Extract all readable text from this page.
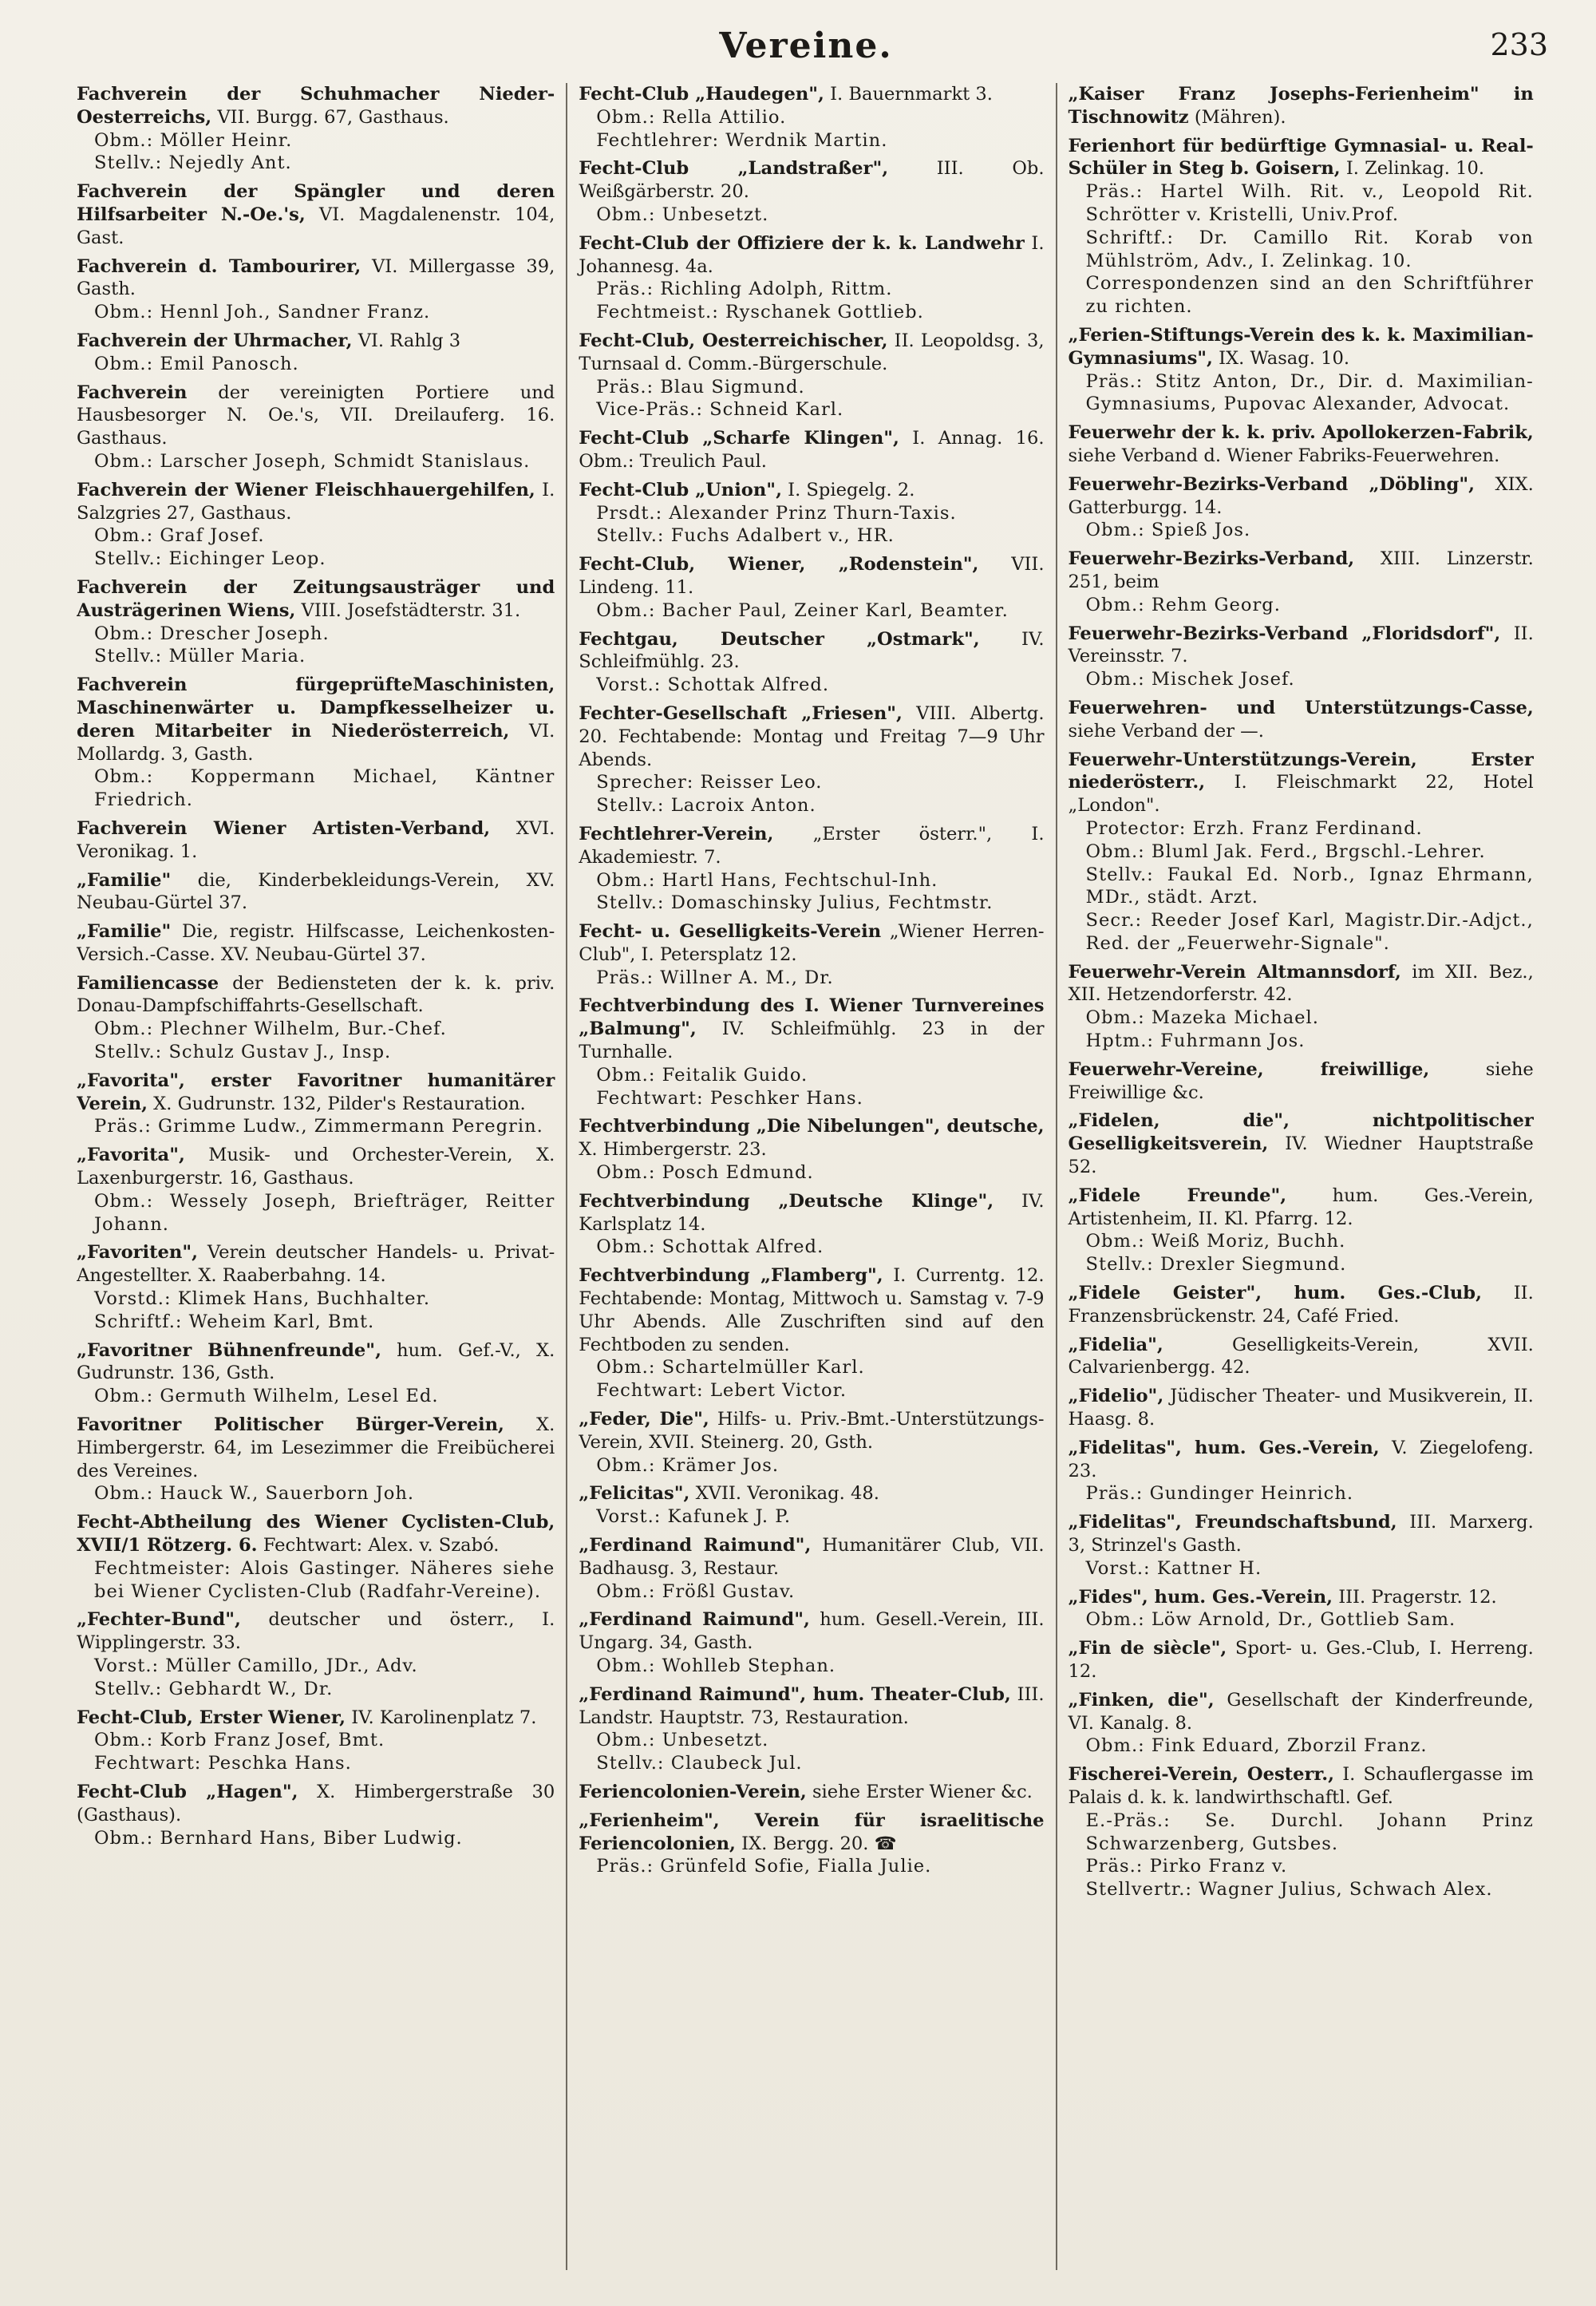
Vereine.	233
Fachverein der Schuhmacher Nieder-Oesterreichs, VII. Burgg. 67, Gasthaus.
Obm.: Möller Heinr.
Stellv.: Nejedly Ant.
Fachverein der Spängler und deren Hilfsarbeiter N.-Oe.'s, VI. Magdalenenstr. 104, Gast.
Fachverein d. Tambourirer, VI. Millergasse 39, Gasth.
Obm.: Hennl Joh., Sandner Franz.
Fachverein der Uhrmacher, VI. Rahlg 3
Obm.: Emil Panosch.
Fachverein der vereinigten Portiere und Hausbesorger N. Oe.'s, VII. Dreilauferg. 16. Gasthaus.
Obm.: Larscher Joseph, Schmidt Stanislaus.
Fachverein der Wiener Fleischhauergehilfen, I. Salzgries 27, Gasthaus.
Obm.: Graf Josef.
Stellv.: Eichinger Leop.
Fachverein der Zeitungsausträger und Austrägerinen Wiens, VIII. Josefstädterstr. 31.
Obm.: Drescher Joseph.
Stellv.: Müller Maria.
Fachverein fürgeprüfteMaschinisten, Maschinenwärter u. Dampfkesselheizer u. deren Mitarbeiter in Niederösterreich, VI. Mollardg. 3, Gasth.
Obm.: Koppermann Michael, Käntner Friedrich.
Fachverein Wiener Artisten-Verband, XVI. Veronikag. 1.
„Familie" die, Kinderbekleidungs-Verein, XV. Neubau-Gürtel 37.
„Familie" Die, registr. Hilfscasse, Leichenkosten-Versich.-Casse. XV. Neubau-Gürtel 37.
Familiencasse der Bediensteten der k. k. priv. Donau-Dampfschiffahrts-Gesellschaft.
Obm.: Plechner Wilhelm, Bur.-Chef.
Stellv.: Schulz Gustav J., Insp.
„Favorita", erster Favoritner humanitärer Verein, X. Gudrunstr. 132, Pilder's Restauration.
Präs.: Grimme Ludw., Zimmermann Peregrin.
„Favorita", Musik- und Orchester-Verein, X. Laxenburgerstr. 16, Gasthaus.
Obm.: Wessely Joseph, Briefträger, Reitter Johann.
„Favoriten", Verein deutscher Handels- u. Privat-Angestellter. X. Raaberbahng. 14.
Vorstd.: Klimek Hans, Buchhalter.
Schriftf.: Weheim Karl, Bmt.
„Favoritner Bühnenfreunde", hum. Gef.-V., X. Gudrunstr. 136, Gsth.
Obm.: Germuth Wilhelm, Lesel Ed.
Favoritner Politischer Bürger-Verein, X. Himbergerstr. 64, im Lesezimmer die Freibücherei des Vereines.
Obm.: Hauck W., Sauerborn Joh.
Fecht-Abtheilung des Wiener Cyclisten-Club, XVII/1 Rötzerg. 6. Fechtwart: Alex. v. Szabó.
Fechtmeister: Alois Gastinger. Näheres siehe bei Wiener Cyclisten-Club (Radfahr-Vereine).
„Fechter-Bund", deutscher und österr., I. Wipplingerstr. 33.
Vorst.: Müller Camillo, JDr., Adv.
Stellv.: Gebhardt W., Dr.
Fecht-Club, Erster Wiener, IV. Karolinenplatz 7.
Obm.: Korb Franz Josef, Bmt.
Fechtwart: Peschka Hans.
Fecht-Club „Hagen", X. Himbergerstraße 30 (Gasthaus).
Obm.: Bernhard Hans, Biber Ludwig.
Fecht-Club „Haudegen", I. Bauernmarkt 3.
Obm.: Rella Attilio.
Fechtlehrer: Werdnik Martin.
Fecht-Club „Landstraßer",	III. Ob. Weißgärberstr. 20.
Obm.: Unbesetzt.
Fecht-Club der Offiziere der k. k. Landwehr I. Johannesg. 4a.
Präs.: Richling Adolph, Rittm.
Fechtmeist.: Ryschanek Gottlieb.
Fecht-Club, Oesterreichischer, II. Leopoldsg. 3, Turnsaal d. Comm.-Bürgerschule.
Präs.: Blau Sigmund.
Vice-Präs.: Schneid Karl.
Fecht-Club „Scharfe Klingen", I. Annag. 16. Obm.: Treulich Paul.
Fecht-Club „Union", I. Spiegelg. 2.
Prsdt.: Alexander Prinz Thurn-Taxis.
Stellv.: Fuchs Adalbert v., HR.
Fecht-Club, Wiener, „Rodenstein", VII. Lindeng. 11.
Obm.: Bacher Paul, Zeiner Karl, Beamter.
Fechtgau, Deutscher „Ostmark", IV. Schleifmühlg. 23.
Vorst.: Schottak Alfred.
Fechter-Gesellschaft „Friesen", VIII. Albertg. 20. Fechtabende: Montag und Freitag 7—9 Uhr Abends.
Sprecher: Reisser Leo.
Stellv.: Lacroix Anton.
Fechtlehrer-Verein, „Erster österr.", I. Akademiestr. 7.
Obm.: Hartl Hans, Fechtschul-Inh.
Stellv.: Domaschinsky Julius, Fechtmstr.
Fecht- u. Geselligkeits-Verein „Wiener Herren-Club", I. Petersplatz 12.
Präs.: Willner A. M., Dr.
Fechtverbindung des I. Wiener Turnvereines „Balmung", IV. Schleifmühlg. 23 in der Turnhalle.
Obm.: Feitalik Guido.
Fechtwart: Peschker Hans.
Fechtverbindung „Die Nibelungen", deutsche, X. Himbergerstr. 23.
Obm.: Posch Edmund.
Fechtverbindung „Deutsche Klinge", IV. Karlsplatz 14.
Obm.: Schottak Alfred.
Fechtverbindung „Flamberg", I. Currentg. 12. Fechtabende: Montag, Mittwoch u. Samstag v. 7-9 Uhr Abends. Alle Zuschriften sind auf den Fechtboden zu senden.
Obm.: Schartelmüller Karl.
Fechtwart: Lebert Victor.
„Feder, Die", Hilfs- u. Priv.-Bmt.-Unterstützungs-Verein, XVII. Steinerg. 20, Gsth.
Obm.: Krämer Jos.
„Felicitas", XVII. Veronikag. 48.
Vorst.: Kafunek J. P.
„Ferdinand Raimund", Humanitärer Club, VII. Badhausg. 3, Restaur.
Obm.: Frößl Gustav.
„Ferdinand Raimund", hum. Gesell.-Verein, III. Ungarg. 34, Gasth.
Obm.: Wohlleb Stephan.
„Ferdinand Raimund", hum. Theater-Club, III. Landstr. Hauptstr. 73, Restauration.
Obm.: Unbesetzt.
Stellv.: Claubeck Jul.
Feriencolonien-Verein, siehe Erster Wiener &c.
„Ferienheim", Verein für israelitische Feriencolonien, IX. Bergg. 20. ☎
Präs.: Grünfeld Sofie, Fialla Julie.
„Kaiser Franz Josephs-Ferienheim" in Tischnowitz (Mähren).
Ferienhort für bedürftige Gymnasial- u. Real-Schüler in Steg b. Goisern, I. Zelinkag. 10.
Präs.: Hartel Wilh. Rit. v., Leopold Rit. Schrötter v. Kristelli, Univ.Prof.
Schriftf.: Dr. Camillo Rit. Korab von Mühlström, Adv., I. Zelinkag. 10.
Correspondenzen sind an den Schriftführer zu richten.
„Ferien-Stiftungs-Verein des k. k. Maximilian-Gymnasiums", IX. Wasag. 10.
Präs.: Stitz Anton, Dr., Dir. d. Maximilian-Gymnasiums, Pupovac Alexander, Advocat.
Feuerwehr der k. k. priv. Apollokerzen-Fabrik, siehe Verband d. Wiener Fabriks-Feuerwehren.
Feuerwehr-Bezirks-Verband „Döbling", XIX. Gatterburgg. 14.
Obm.: Spieß Jos.
Feuerwehr-Bezirks-Verband, XIII. Linzerstr. 251, beim
Obm.: Rehm Georg.
Feuerwehr-Bezirks-Verband „Floridsdorf", II. Vereinsstr. 7.
Obm.: Mischek Josef.
Feuerwehren- und Unterstützungs-Casse, siehe Verband der —.
Feuerwehr-Unterstützungs-Verein, Erster niederösterr., I. Fleischmarkt 22, Hotel „London".
Protector: Erzh. Franz Ferdinand.
Obm.: Bluml Jak. Ferd., Brgschl.-Lehrer.
Stellv.: Faukal Ed. Norb., Ignaz Ehrmann, MDr., städt. Arzt.
Secr.: Reeder Josef Karl, Magistr.Dir.-Adjct., Red. der „Feuerwehr-Signale".
Feuerwehr-Verein Altmannsdorf, im XII. Bez., XII. Hetzendorferstr. 42.
Obm.: Mazeka Michael.
Hptm.: Fuhrmann Jos.
Feuerwehr-Vereine, freiwillige,	siehe Freiwillige &c.
„Fidelen, die", nichtpolitischer Geselligkeitsverein, IV. Wiedner Hauptstraße 52.
„Fidele Freunde",	hum. Ges.-Verein, Artistenheim, II. Kl. Pfarrg. 12.
Obm.: Weiß Moriz, Buchh.
Stellv.: Drexler Siegmund.
„Fidele Geister", hum. Ges.-Club, II. Franzensbrückenstr. 24, Café Fried.
„Fidelia",	Geselligkeits-Verein, XVII. Calvarienbergg. 42.
„Fidelio", Jüdischer Theater- und Musikverein, II. Haasg. 8.
„Fidelitas", hum. Ges.-Verein, V. Ziegelofeng. 23.
Präs.: Gundinger Heinrich.
„Fidelitas", Freundschaftsbund, III. Marxerg. 3, Strinzel's Gasth.
Vorst.: Kattner H.
„Fides", hum. Ges.-Verein, III. Pragerstr. 12.
Obm.: Löw Arnold, Dr., Gottlieb Sam.
„Fin de siècle", Sport- u. Ges.-Club, I. Herreng. 12.
„Finken, die", Gesellschaft der Kinderfreunde, VI. Kanalg. 8.
Obm.: Fink Eduard, Zborzil Franz.
Fischerei-Verein, Oesterr., I. Schauflergasse im Palais d. k. k. landwirthschaftl. Gef.
E.-Präs.: Se. Durchl. Johann Prinz Schwarzenberg, Gutsbes.
Präs.: Pirko Franz v.
Stellvertr.: Wagner Julius, Schwach Alex.
